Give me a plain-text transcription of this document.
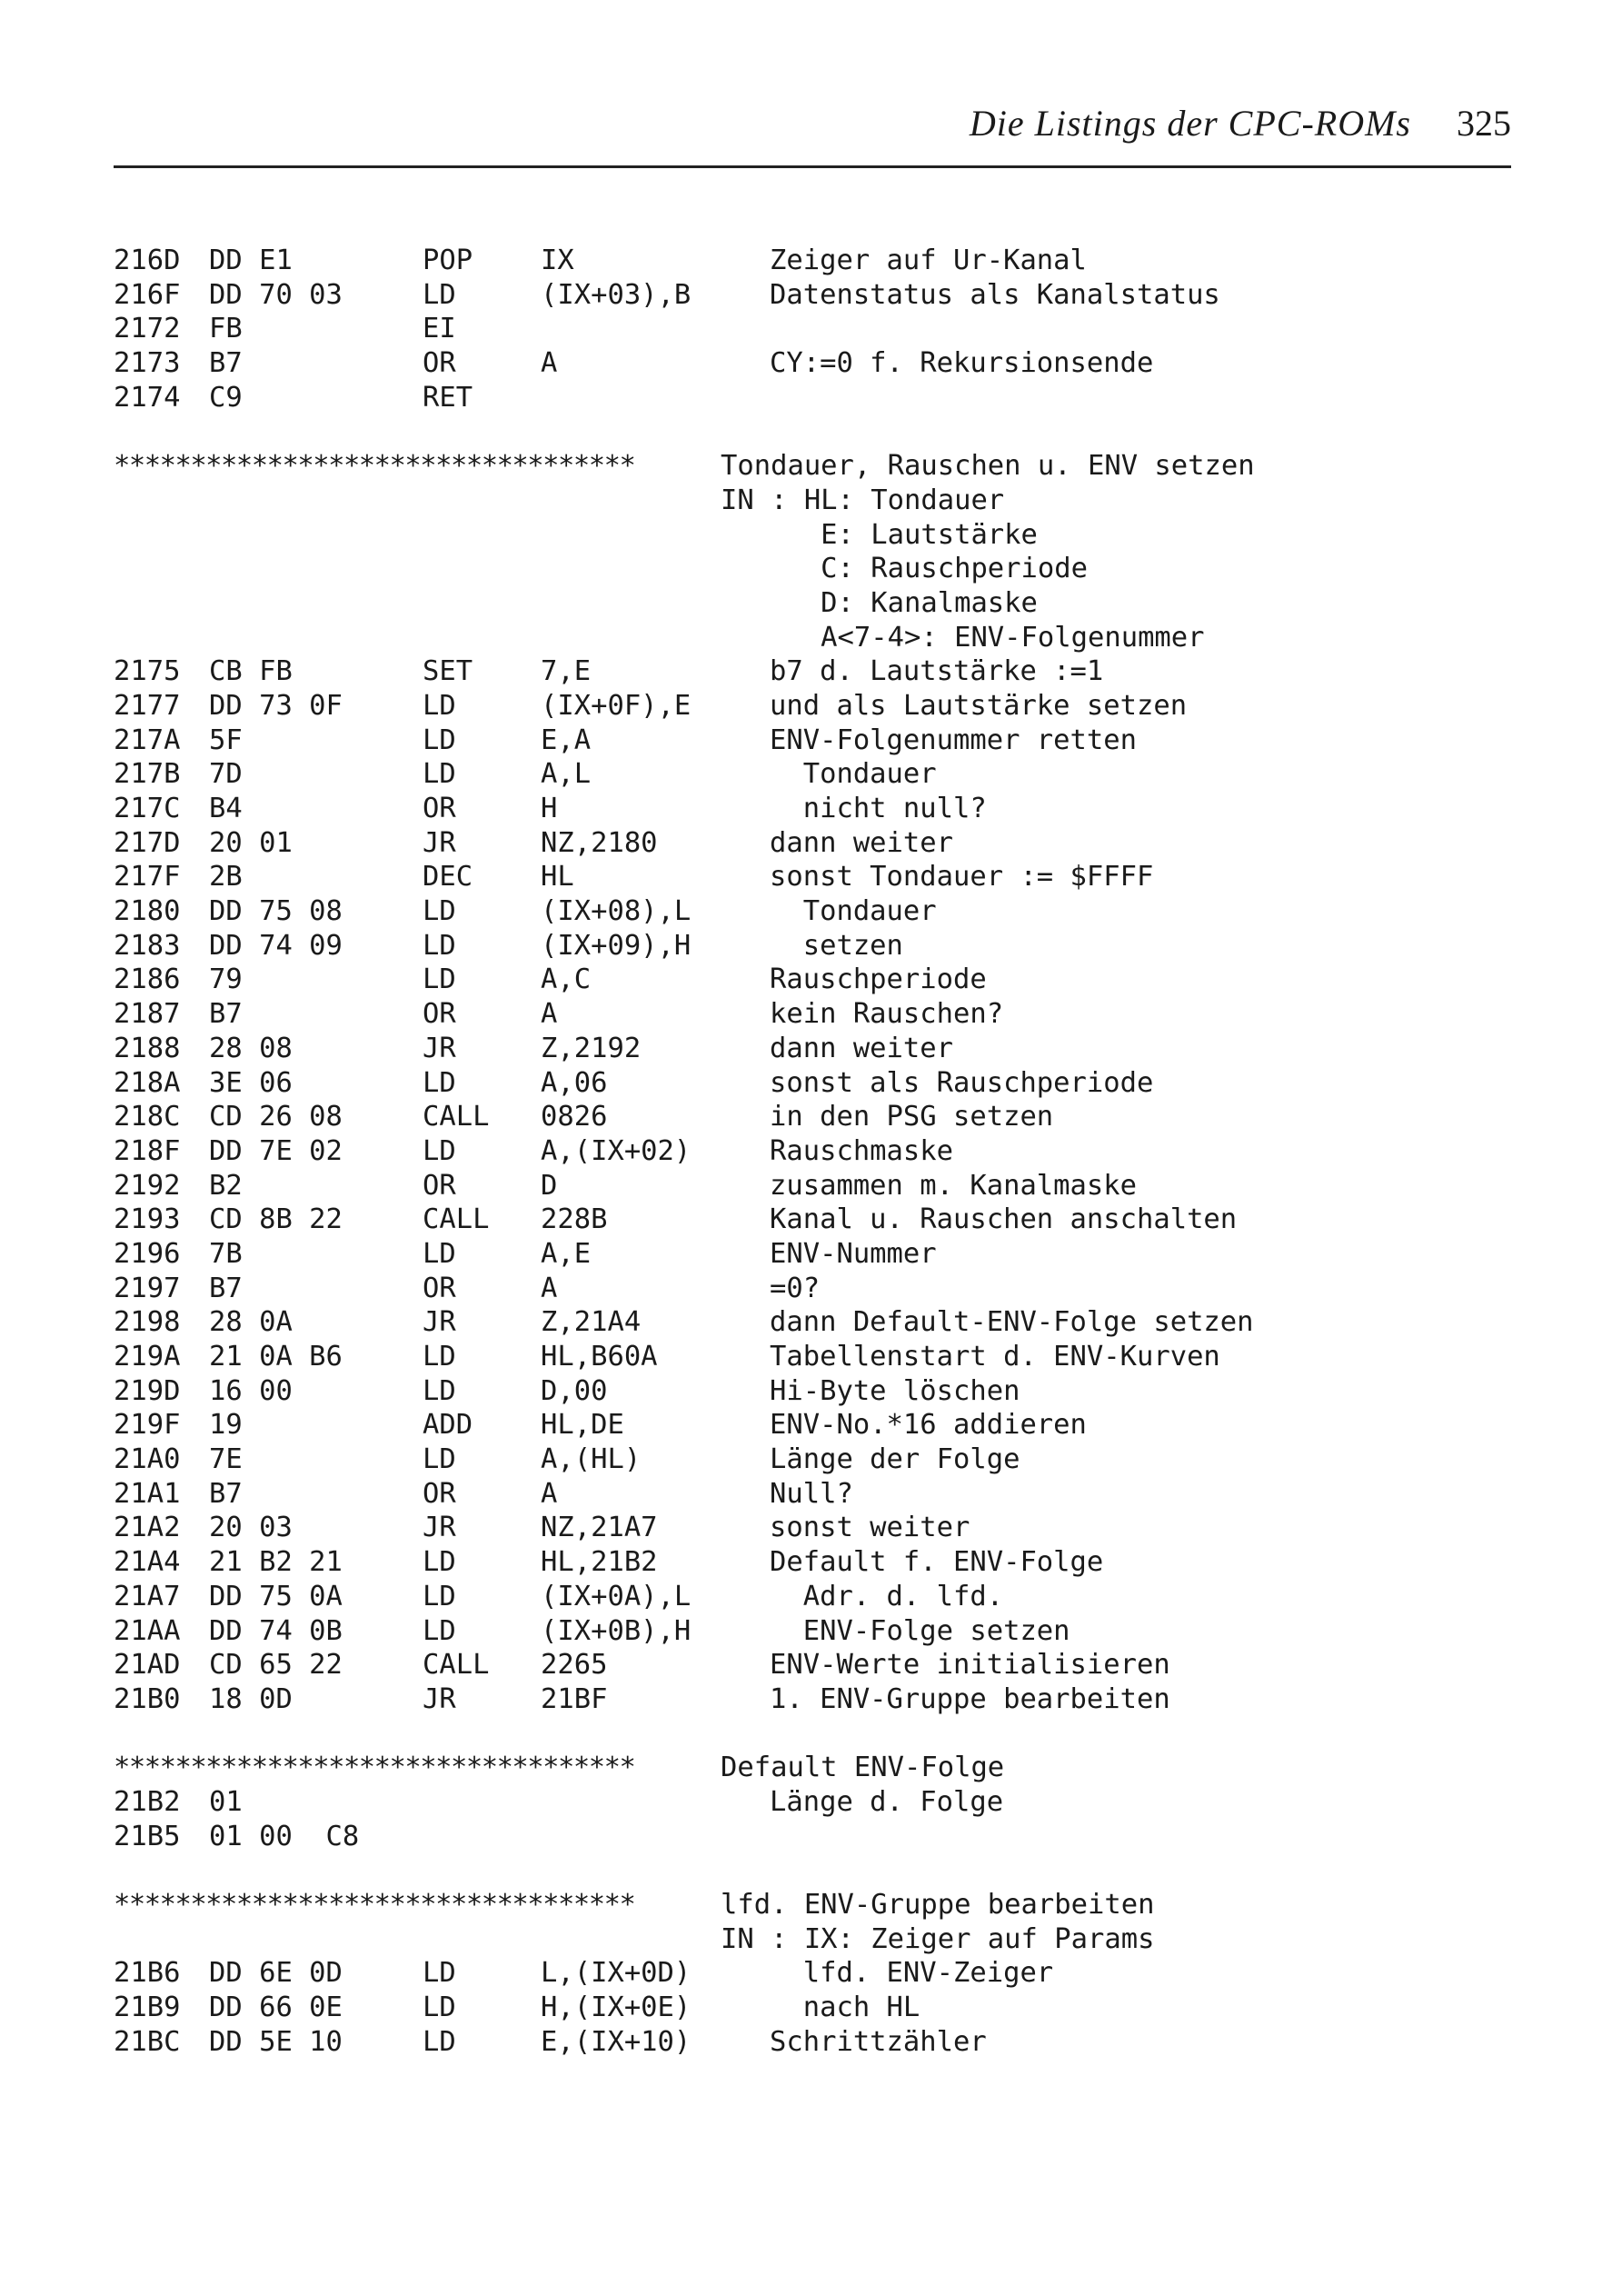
Die Listings der CPC-ROMs 325
216D DD E1	POP IX	Zeiger auf Ur-Kanal
216F DD 70 03	LD	(IX+03),B	Datenstatus als Kanalstatus
2172 FB	EI
2173 B7	OR	A	CY:=0 f. Rekursionsende
2174 C9	RET
**********************************	Tondauer, Rauschen u. ENV setzen
IN : HL: Tondauer
E: Lautstärke
C: Rauschperiode
D: Kanalmaske
A<7-4>: ENV-Folgenummer
2175 CB FB	SET 7,E	b7 d. Lautstärke :=1
2177 DD 73 0F	LD	(IX+0F),E	und als Lautstärke setzen
217A 5F	LD	E,A	ENV-Folgenummer retten
217B 7D	LD	A,L	Tondauer
217C B4	OR	H	nicht null?
217D 20 01	JR	NZ,2180	dann weiter
217F 2B	DEC HL	sonst Tondauer := $FFFF
2180 DD 75 08	LD	(IX+08),L	Tondauer
2183 DD 74 09	LD	(IX+09),H	setzen
2186 79	LD	A,C	Rauschperiode
2187 B7	OR	A	kein Rauschen?
2188 28 08	JR	Z,2192	dann weiter
218A 3E 06	LD	A,06	sonst als Rauschperiode
218C CD 26 08	CALL 0826	in den PSG setzen
218F DD 7E 02	LD	A,(IX+02)	Rauschmaske
2192 B2	OR	D	zusammen m. Kanalmaske
2193 CD 8B 22	CALL 228B	Kanal u. Rauschen anschalten
2196 7B	LD	A,E	ENV-Nummer
2197 B7	OR	A	=0?
2198 28 0A	JR	Z,21A4	dann Default-ENV-Folge setzen
219A 21 0A B6	LD	HL,B60A	Tabellenstart d. ENV-Kurven
219D 16 00	LD	D,00	Hi-Byte löschen
219F 19	ADD HL,DE	ENV-No.*16 addieren
21A0 7E	LD	A,(HL)	Länge der Folge
21A1 B7	OR	A	Null?
21A2 20 03	JR	NZ,21A7	sonst weiter
21A4 21 B2 21	LD	HL,21B2	Default f. ENV-Folge
21A7 DD 75 0A	LD	(IX+0A),L	Adr. d. lfd.
21AA DD 74 0B	LD	(IX+0B),H	ENV-Folge setzen
21AD CD 65 22	CALL 2265	ENV-Werte initialisieren
21B0 18 0D	JR	21BF	1. ENV-Gruppe bearbeiten
**********************************	Default ENV-Folge
21B2 01	Länge d. Folge
21B5 01 00  C8
**********************************	lfd. ENV-Gruppe bearbeiten
IN : IX: Zeiger auf Params
21B6 DD 6E 0D	LD	L,(IX+0D)	lfd. ENV-Zeiger
21B9 DD 66 0E	LD	H,(IX+0E)	nach HL
21BC DD 5E 10	LD	E,(IX+10)	Schrittzähler
